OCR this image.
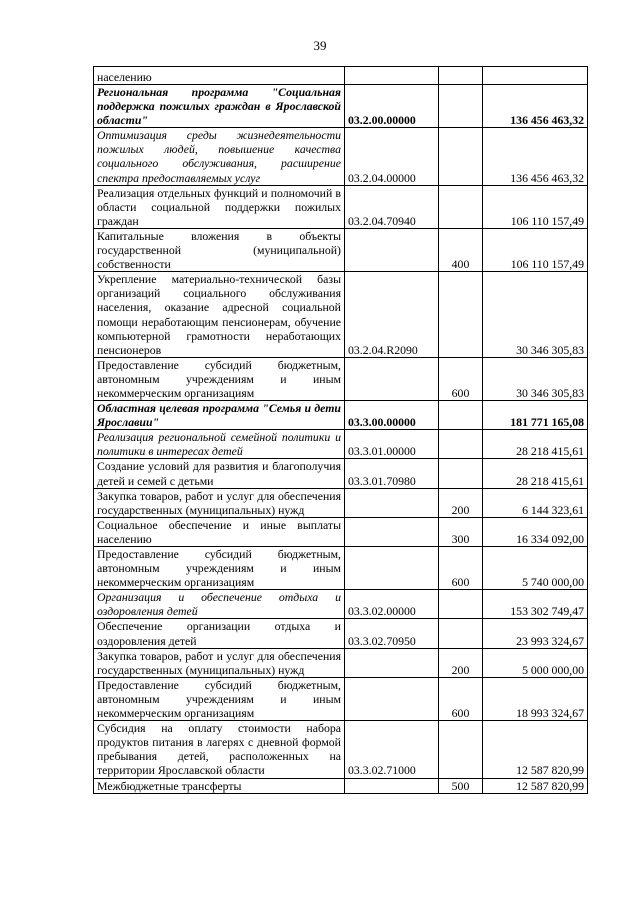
39
населению			
Региональная программа "Социальная поддержка пожилых граждан в Ярославской области"	03.2.00.00000		136 456 463,32
Оптимизация среды жизнедеятельности пожилых людей, повышение качества социального обслуживания, расширение спектра предоставляемых услуг	03.2.04.00000		136 456 463,32
Реализация отдельных функций и полномочий в области социальной поддержки пожилых граждан	03.2.04.70940		106 110 157,49
Капитальные вложения в объекты государственной (муниципальной) собственности		400	106 110 157,49
Укрепление материально-технической базы организаций социального обслуживания населения, оказание адресной социальной помощи неработающим пенсионерам, обучение компьютерной грамотности неработающих пенсионеров	03.2.04.R2090		30 346 305,83
Предоставление субсидий бюджетным, автономным учреждениям и иным некоммерческим организациям		600	30 346 305,83
Областная целевая программа "Семья и дети Ярославии"	03.3.00.00000		181 771 165,08
Реализация региональной семейной политики и политики в интересах детей	03.3.01.00000		28 218 415,61
Создание условий для развития и благополучия детей и семей с детьми	03.3.01.70980		28 218 415,61
Закупка товаров, работ и услуг для обеспечения государственных (муниципальных) нужд		200	6 144 323,61
Социальное обеспечение и иные выплаты населению		300	16 334 092,00
Предоставление субсидий бюджетным, автономным учреждениям и иным некоммерческим организациям		600	5 740 000,00
Организация и обеспечение отдыха и оздоровления детей	03.3.02.00000		153 302 749,47
Обеспечение организации отдыха и оздоровления детей	03.3.02.70950		23 993 324,67
Закупка товаров, работ и услуг для обеспечения государственных (муниципальных) нужд		200	5 000 000,00
Предоставление субсидий бюджетным, автономным учреждениям и иным некоммерческим организациям		600	18 993 324,67
Субсидия на оплату стоимости набора продуктов питания в лагерях с дневной формой пребывания детей, расположенных на территории Ярославской области	03.3.02.71000		12 587 820,99
Межбюджетные трансферты		500	12 587 820,99
